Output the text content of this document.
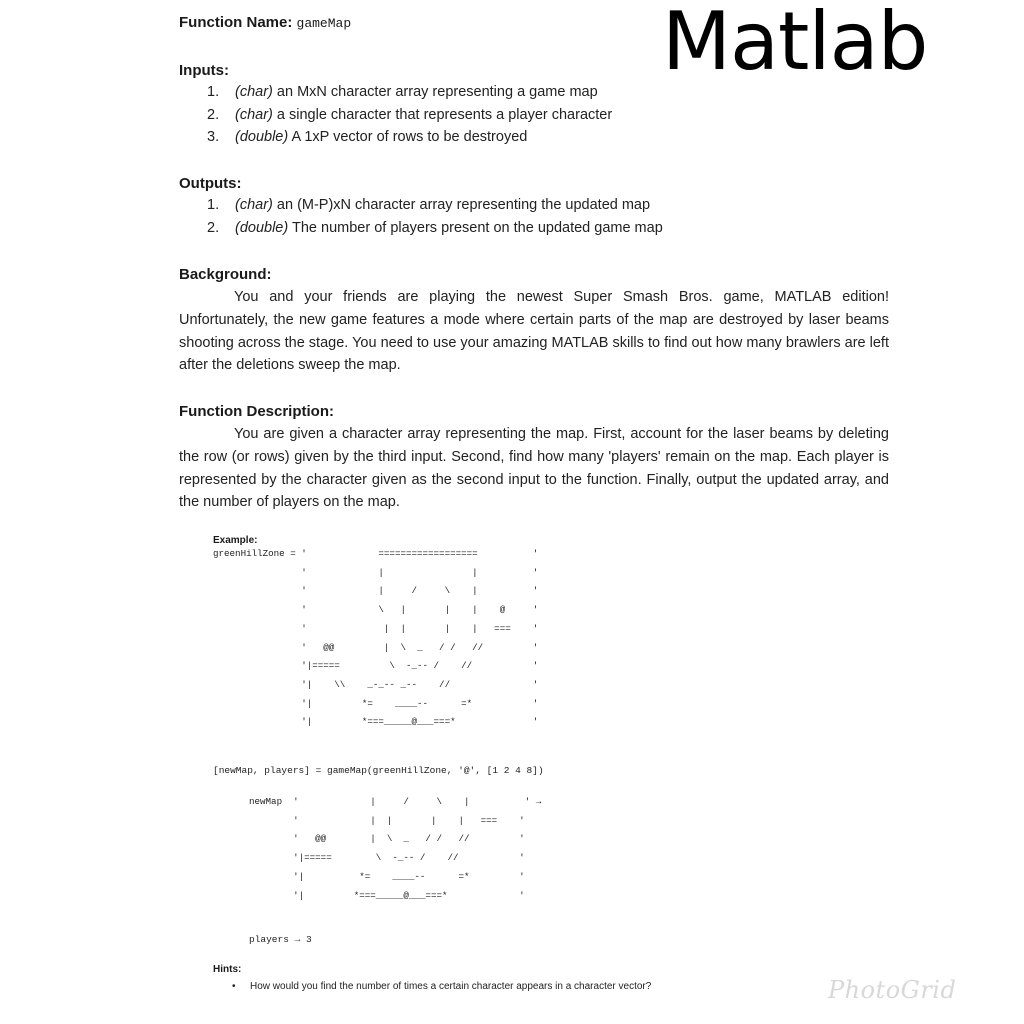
Matlab
Function Name: gameMap
Inputs:
1. (char) an MxN character array representing a game map
2. (char) a single character that represents a player character
3. (double) A 1xP vector of rows to be destroyed
Outputs:
1. (char) an (M-P)xN character array representing the updated map
2. (double) The number of players present on the updated game map
Background:

You and your friends are playing the newest Super Smash Bros. game, MATLAB edition! Unfortunately, the new game features a mode where certain parts of the map are destroyed by laser beams shooting across the stage. You need to use your amazing MATLAB skills to find out how many brawlers are left after the deletions sweep the map.

Function Description:

You are given a character array representing the map. First, account for the laser beams by deleting the row (or rows) given by the third input. Second, find how many 'players' remain on the map. Each player is represented by the character given as the second input to the function. Finally, output the updated array, and the number of players on the map.

Example:
greenHillZone = '             ==================          '
'             |                |          '
'             |     /     \    |          '
'             \   |       |    |    @     '
'              |  |       |    |   ===    '
'   @@         |  \  _   / /   //         '
'|=====         \  -_-- /    //           '
'|    \\    _-_-- _--    //               '
'|         *=    ____--      =*           '
'|         *===_____@___===*              '
[newMap, players] = gameMap(greenHillZone, '@', [1 2 4 8])
newMap  '             |     /     \    |          ' →
'             |  |       |    |   ===    '
'   @@        |  \  _   / /   //         '
'|=====        \  -_-- /    //           '
'|          *=    ____--      =*         '
'|         *===_____@___===*             '
players → 3
Hints:
• How would you find the number of times a certain character appears in a character vector?	PhotoGrid
